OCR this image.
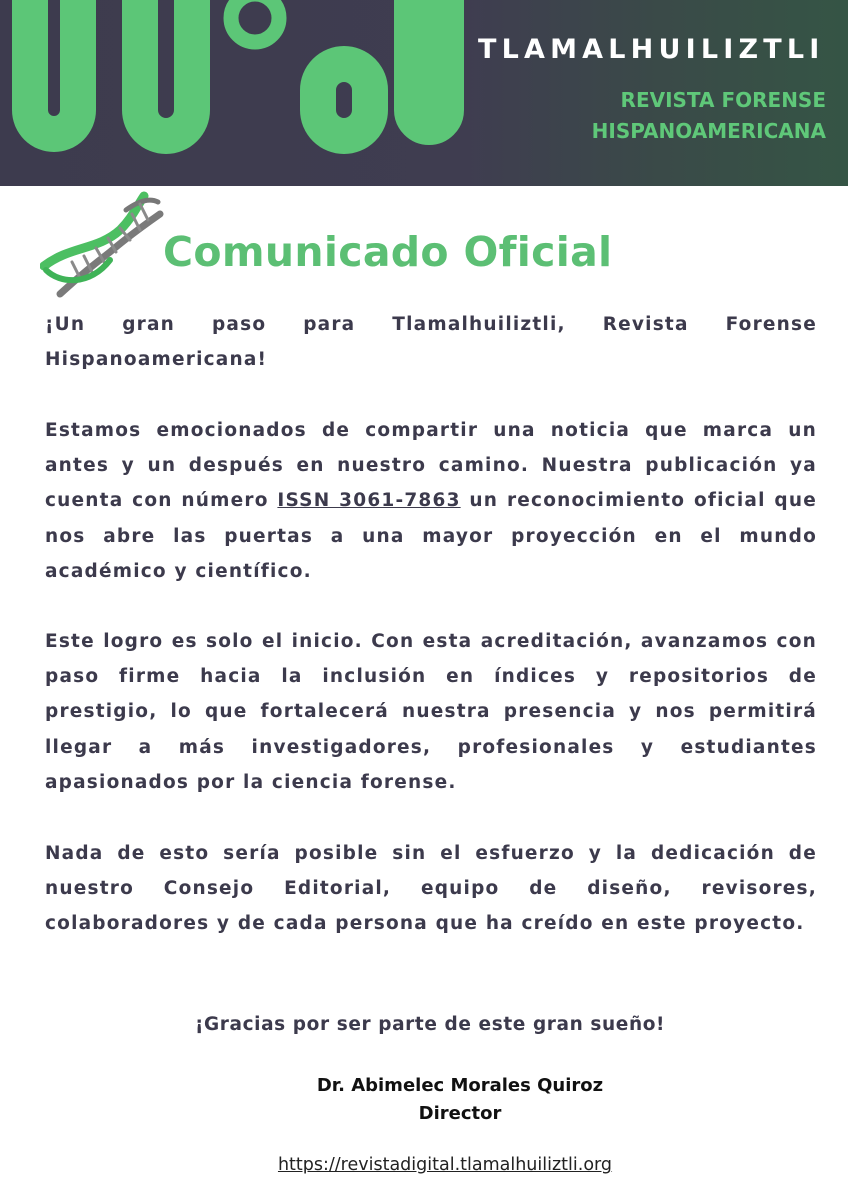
TLAMALHUILIZTLI

REVISTA FORENSE
HISPANOAMERICANA

Comunicado Oficial

¡Un gran paso para Tlamalhuiliztli, Revista Forense Hispanoamericana!

Estamos emocionados de compartir una noticia que marca un antes y un después en nuestro camino. Nuestra publicación ya cuenta con número ISSN 3061-7863 un reconocimiento oficial que nos abre las puertas a una mayor proyección en el mundo académico y científico.

Este logro es solo el inicio. Con esta acreditación, avanzamos con paso firme hacia la inclusión en índices y repositorios de prestigio, lo que fortalecerá nuestra presencia y nos permitirá llegar a más investigadores, profesionales y estudiantes apasionados por la ciencia forense.

Nada de esto sería posible sin el esfuerzo y la dedicación de nuestro Consejo Editorial, equipo de diseño, revisores, colaboradores y de cada persona que ha creído en este proyecto.

¡Gracias por ser parte de este gran sueño!

Dr. Abimelec Morales Quiroz
Director

https://revistadigital.tlamalhuiliztli.org
